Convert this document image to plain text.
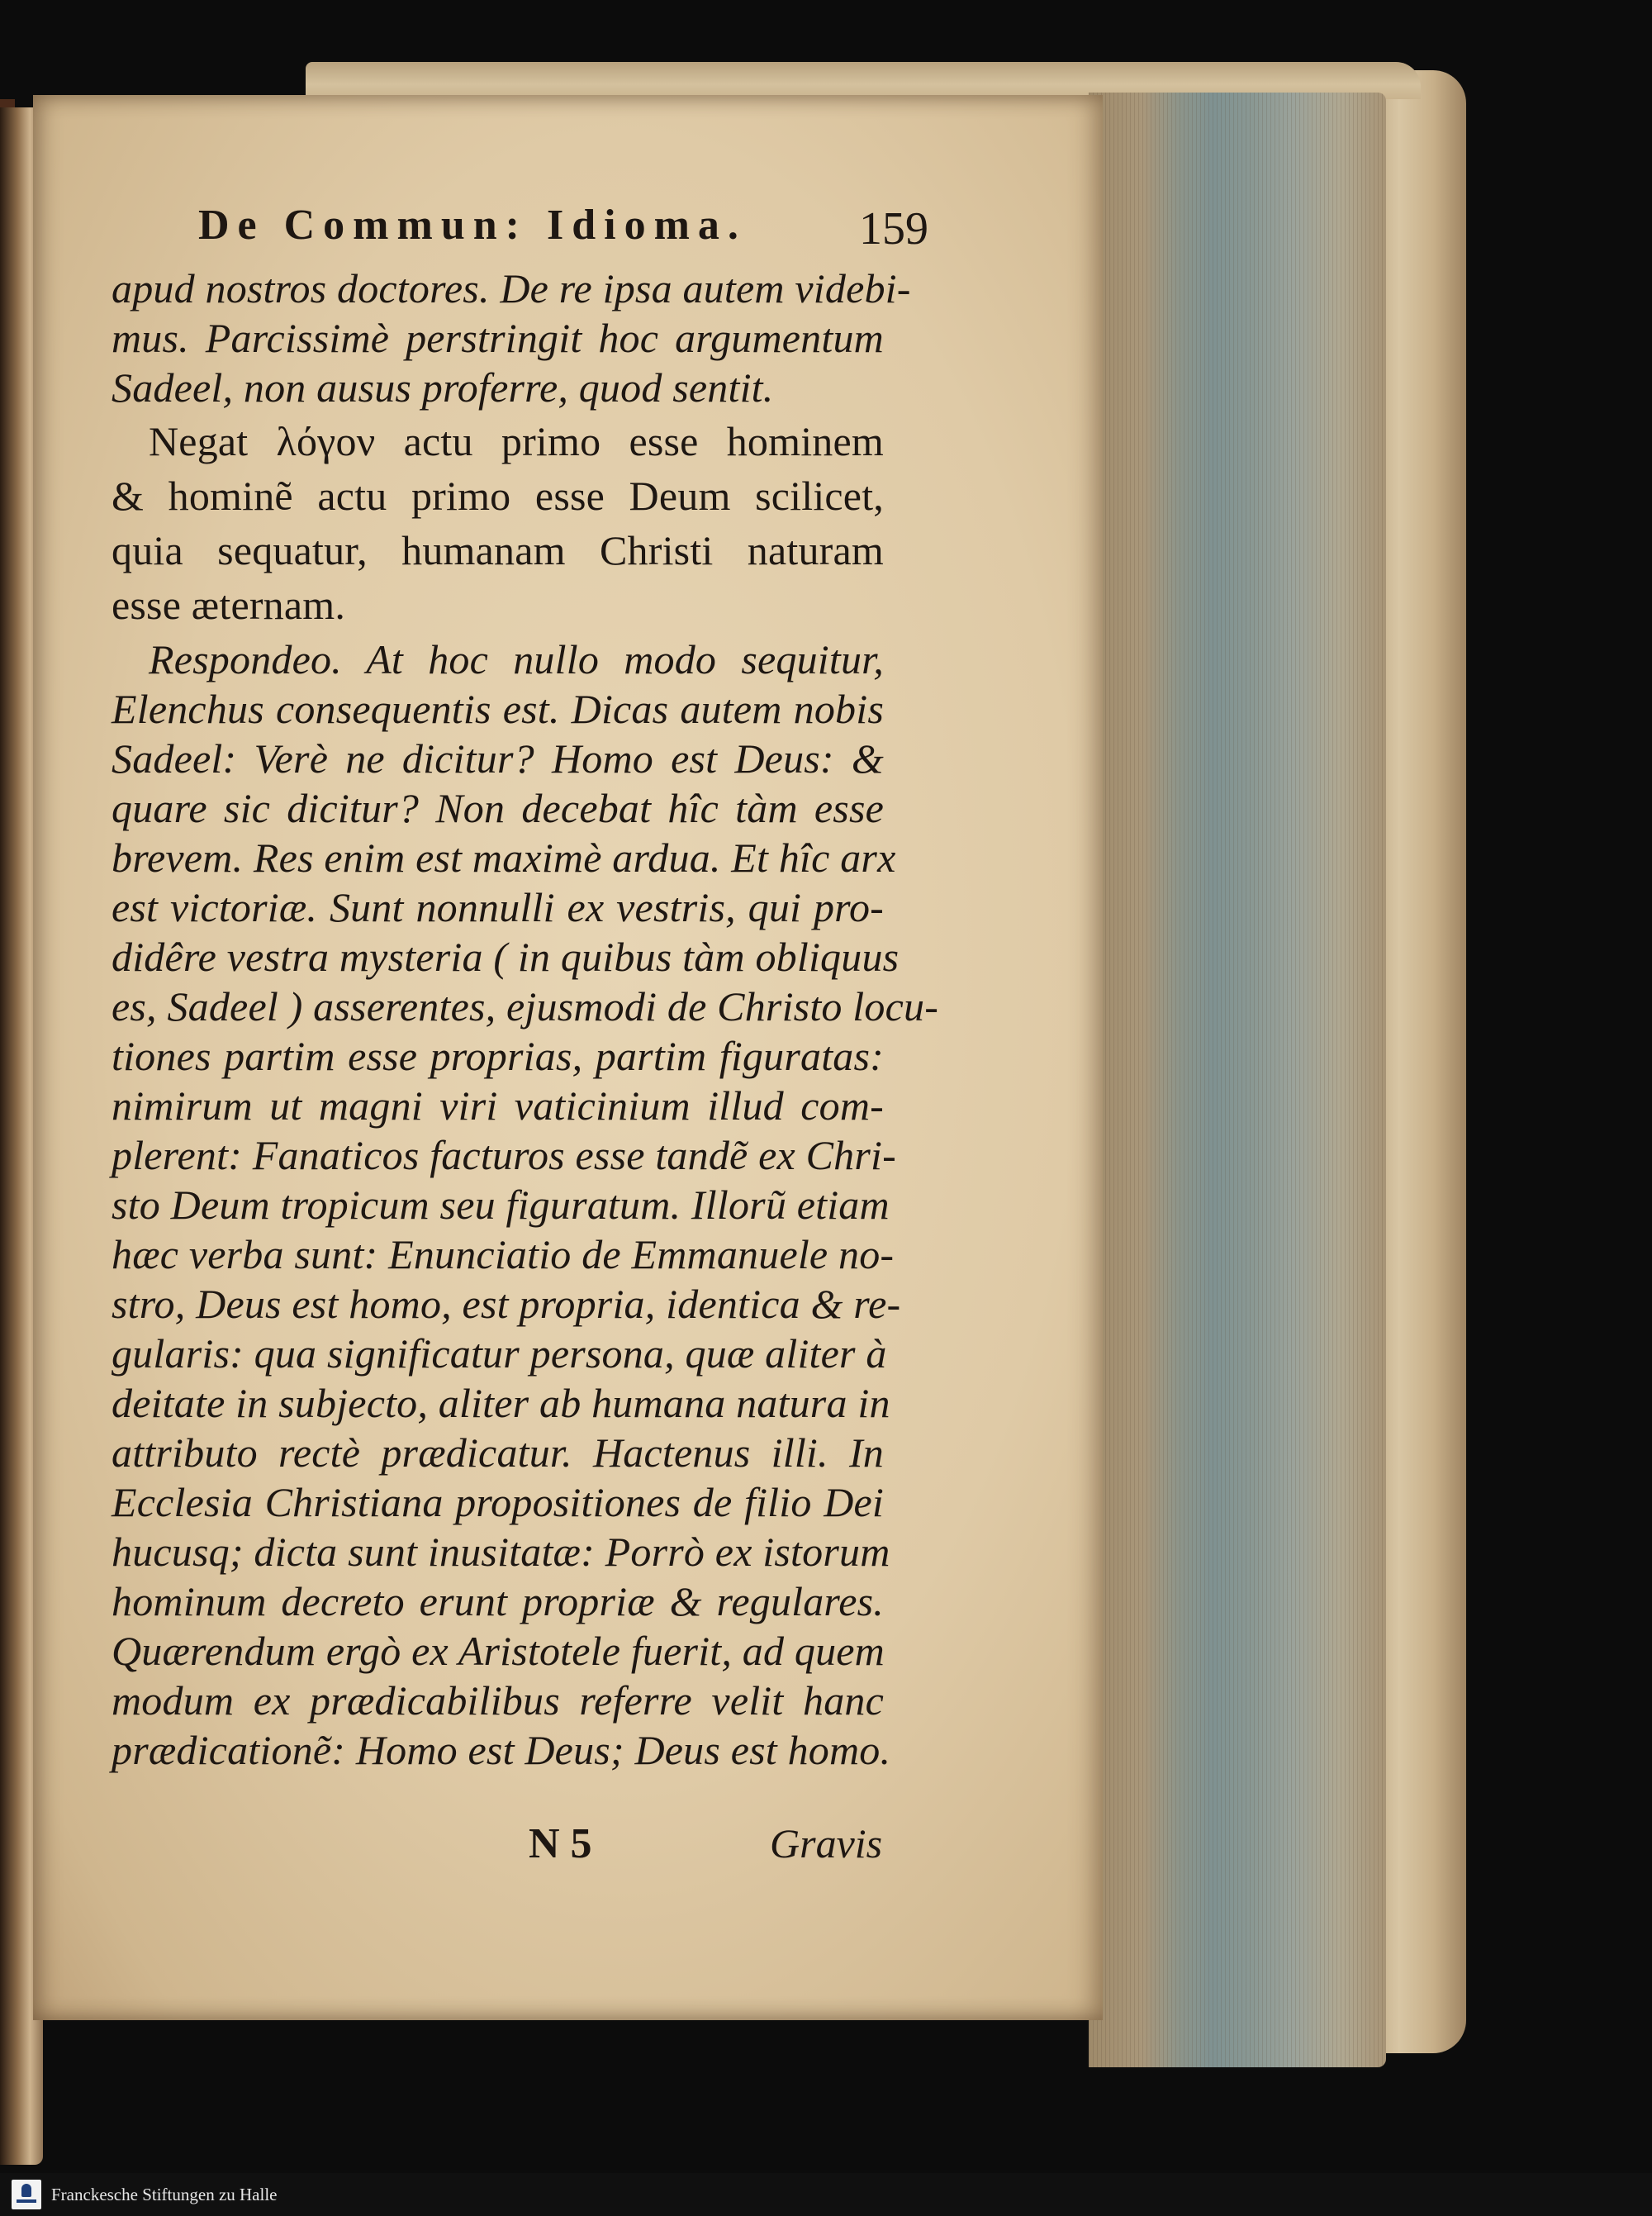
De Commun: Idioma.	159
apud nostros doctores. De re ipsa autem videbi-
mus. Parcissimè perstringit hoc argumentum
Sadeel, non ausus proferre, quod sentit.
Negat λόγον actu primo esse hominem
& hominẽ actu primo esse Deum scilicet,
quia sequatur, humanam Christi naturam
esse æternam.
Respondeo. At hoc nullo modo sequitur,
Elenchus consequentis est. Dicas autem nobis
Sadeel: Verè ne dicitur? Homo est Deus: &
quare sic dicitur? Non decebat hîc tàm esse
brevem. Res enim est maximè ardua. Et hîc arx
est victoriæ. Sunt nonnulli ex vestris, qui pro-
didêre vestra mysteria ( in quibus tàm obliquus
es, Sadeel ) asserentes, ejusmodi de Christo locu-
tiones partim esse proprias, partim figuratas:
nimirum ut magni viri vaticinium illud com-
plerent: Fanaticos facturos esse tandẽ ex Chri-
sto Deum tropicum seu figuratum. Illorũ etiam
hæc verba sunt: Enunciatio de Emmanuele no-
stro, Deus est homo, est propria, identica & re-
gularis: qua significatur persona, quæ aliter à
deitate in subjecto, aliter ab humana natura in
attributo rectè prædicatur. Hactenus illi. In
Ecclesia Christiana propositiones de filio Dei
hucusq; dicta sunt inusitatæ: Porrò ex istorum
hominum decreto erunt propriæ & regulares.
Quærendum ergò ex Aristotele fuerit, ad quem
modum ex prædicabilibus referre velit hanc
prædicationẽ: Homo est Deus; Deus est homo.
N 5	Gravis
Franckesche Stiftungen zu Halle
